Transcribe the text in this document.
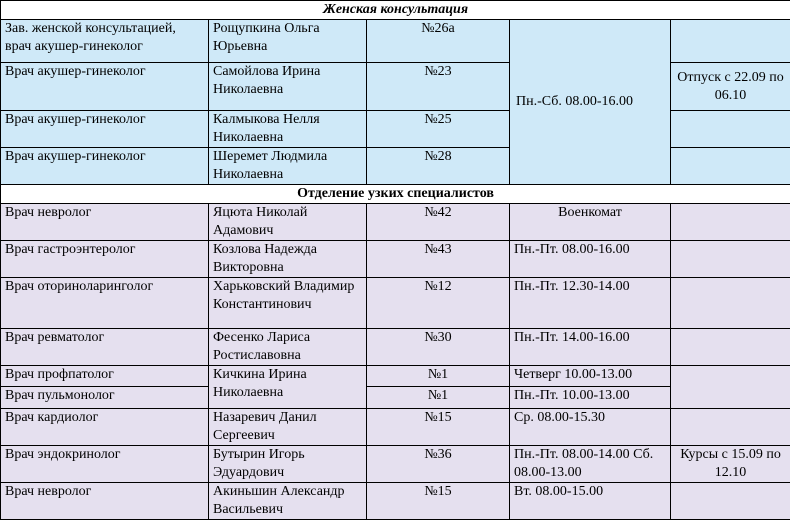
Женская консультация				
Зав. женской консультацией, врач акушер-гинеколог	Рощупкина Ольга Юрьевна	№26а	Пн.-Сб. 08.00-16.00	
Врач акушер-гинеколог	Самойлова Ирина Николаевна	№23		Отпуск с 22.09 по 06.10
Врач акушер-гинеколог	Калмыкова Нелля Николаевна	№25		
Врач акушер-гинеколог	Шеремет Людмила Николаевна	№28		
Отделение узких специалистов				
Врач невролог	Яцюта Николай Адамович	№42	Военкомат	
Врач гастроэнтеролог	Козлова Надежда Викторовна	№43	Пн.-Пт. 08.00-16.00	
Врач оториноларинголог	Харьковский Владимир Константинович	№12	Пн.-Пт. 12.30-14.00	
Врач ревматолог	Фесенко Лариса Ростиславовна	№30	Пн.-Пт. 14.00-16.00	
Врач профпатолог	Кичкина Ирина Николаевна	№1	Четверг 10.00-13.00	
Врач пульмонолог		№1	Пн.-Пт. 10.00-13.00	
Врач кардиолог	Назаревич Данил Сергеевич	№15	Ср. 08.00-15.30	
Врач эндокринолог	Бутырин Игорь Эдуардович	№36	Пн.-Пт. 08.00-14.00 Сб. 08.00-13.00	Курсы с 15.09 по 12.10
Врач невролог	Акиньшин Александр Васильевич	№15	Вт. 08.00-15.00	
